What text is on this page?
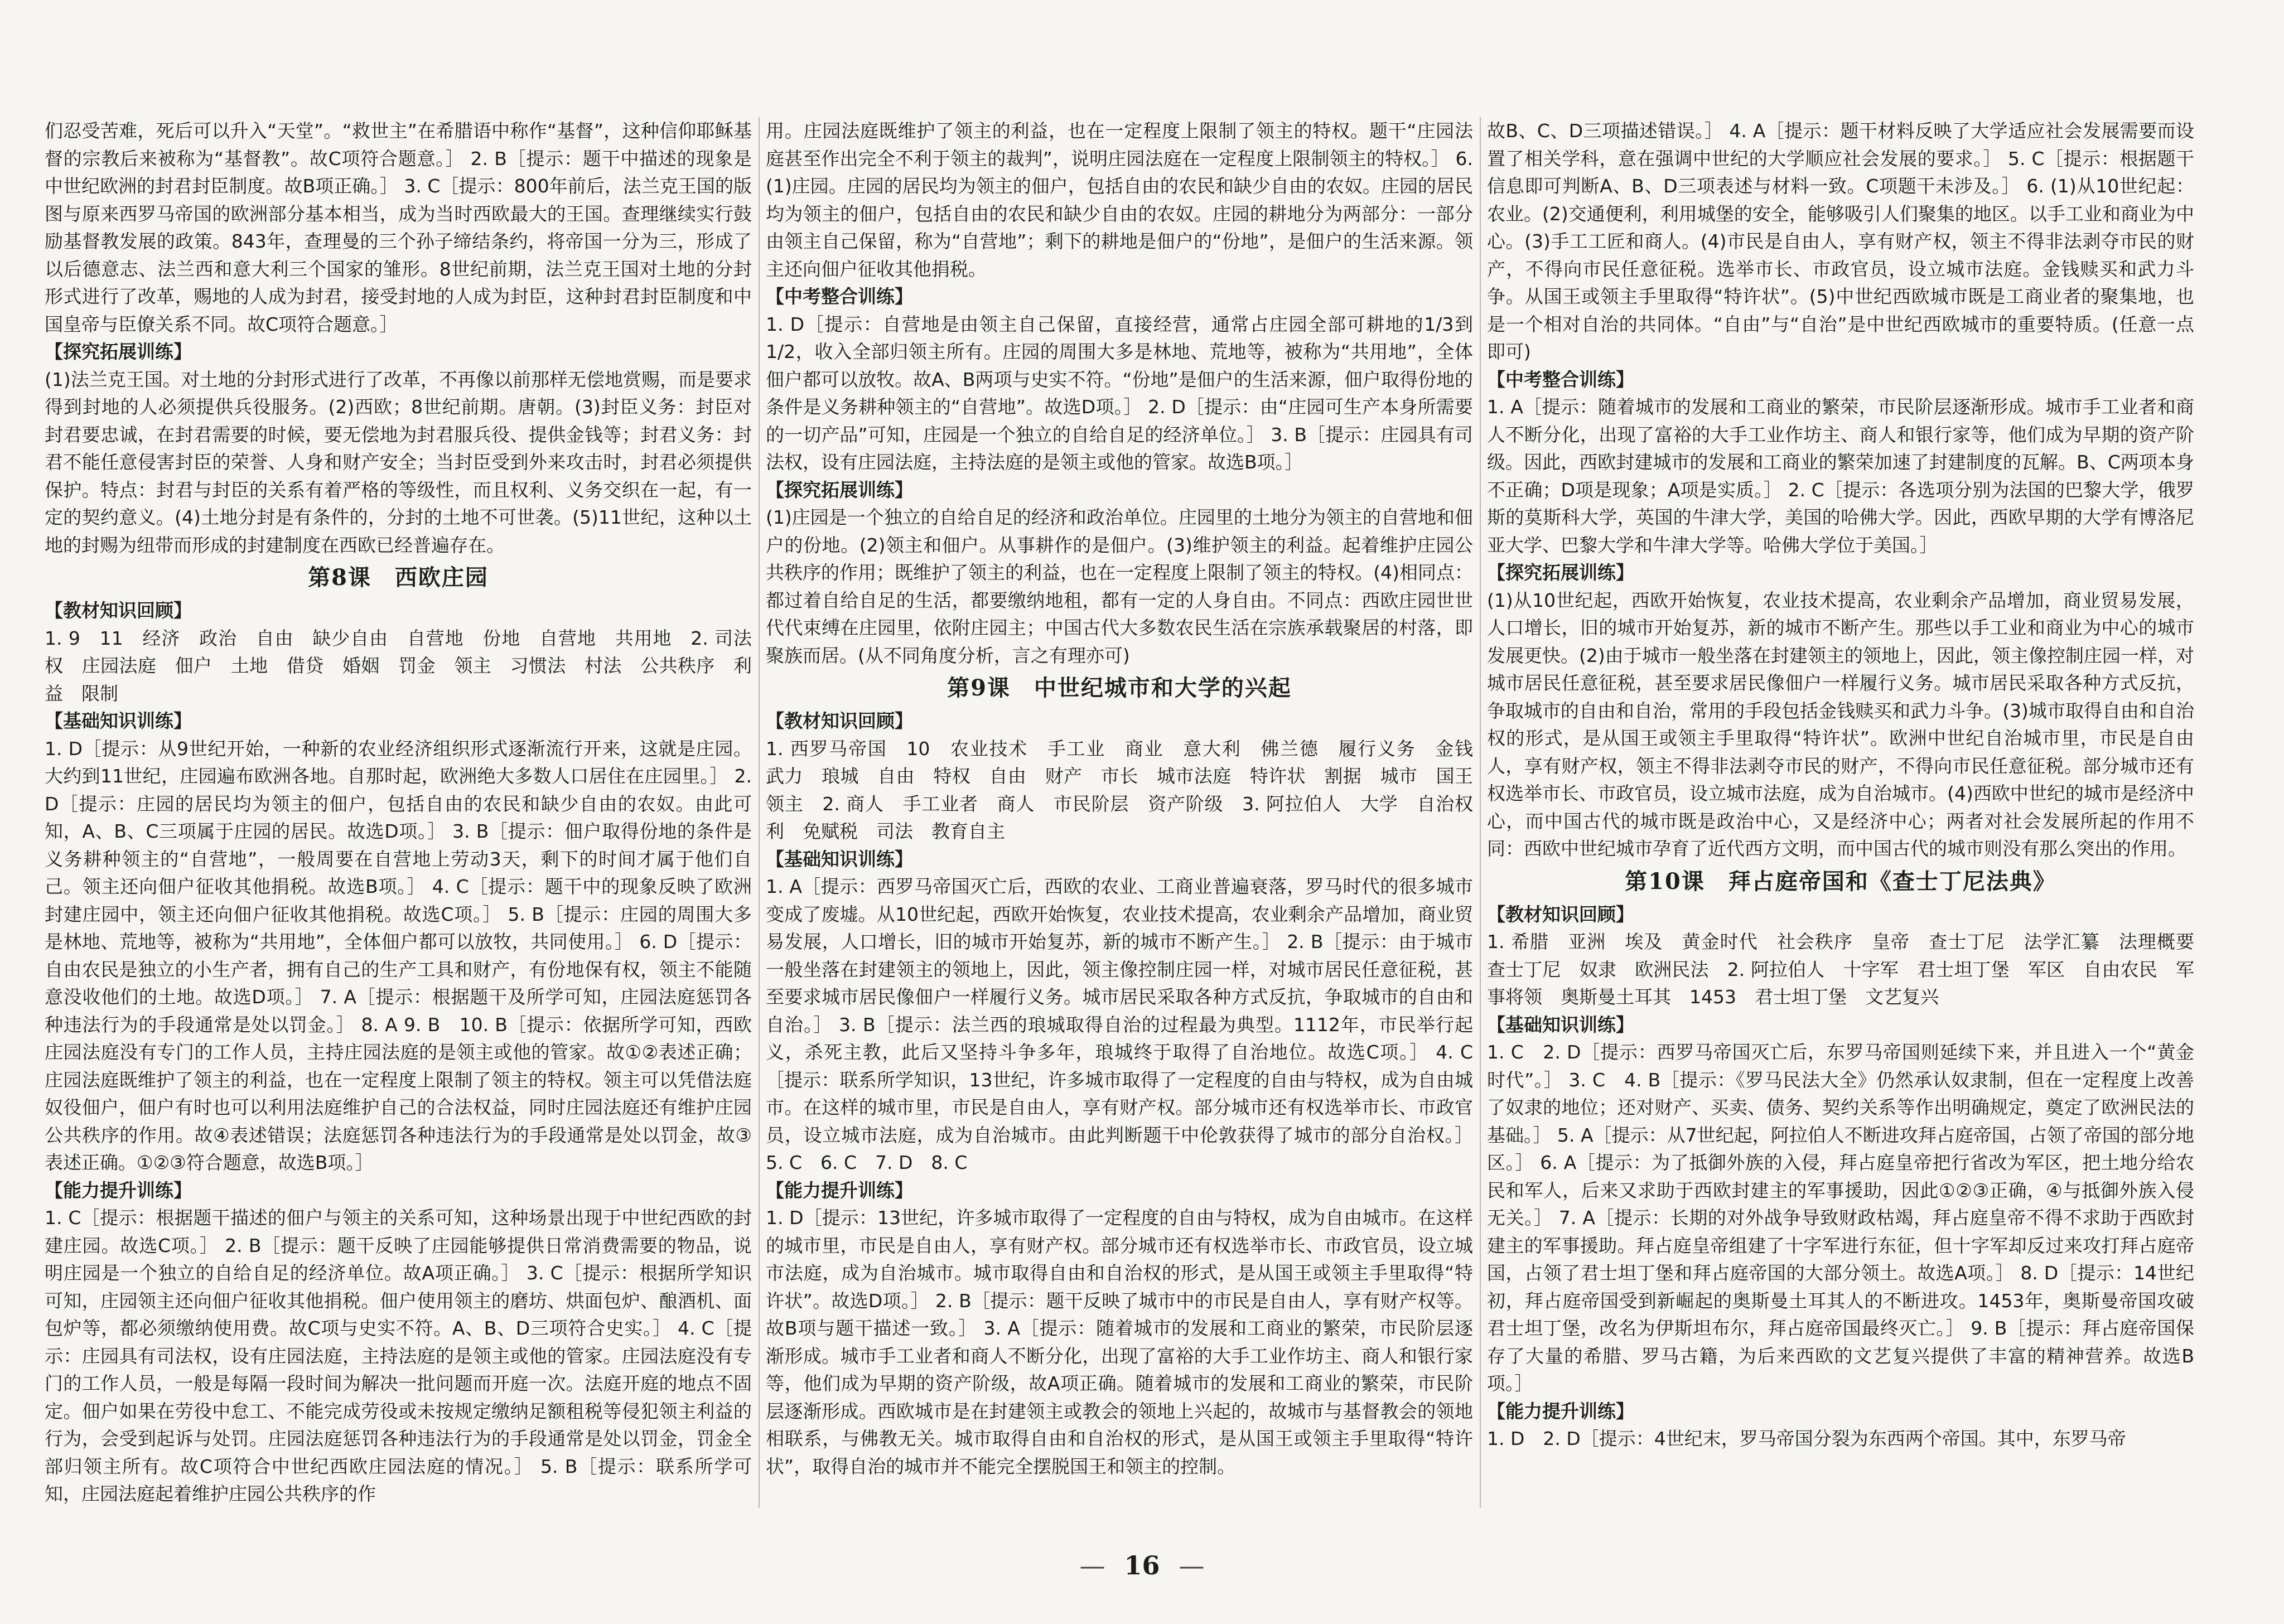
们忍受苦难，死后可以升入“天堂”。“救世主”在希腊语中称作“基督”，这种信仰耶稣基督的宗教后来被称为“基督教”。故C项符合题意。］ 2. B［提示：题干中描述的现象是中世纪欧洲的封君封臣制度。故B项正确。］ 3. C［提示：800年前后，法兰克王国的版图与原来西罗马帝国的欧洲部分基本相当，成为当时西欧最大的王国。查理继续实行鼓励基督教发展的政策。843年，查理曼的三个孙子缔结条约，将帝国一分为三，形成了以后德意志、法兰西和意大利三个国家的雏形。8世纪前期，法兰克王国对土地的分封形式进行了改革，赐地的人成为封君，接受封地的人成为封臣，这种封君封臣制度和中国皇帝与臣僚关系不同。故C项符合题意。］

【探究拓展训练】

(1)法兰克王国。对土地的分封形式进行了改革，不再像以前那样无偿地赏赐，而是要求得到封地的人必须提供兵役服务。(2)西欧；8世纪前期。唐朝。(3)封臣义务：封臣对封君要忠诚，在封君需要的时候，要无偿地为封君服兵役、提供金钱等；封君义务：封君不能任意侵害封臣的荣誉、人身和财产安全；当封臣受到外来攻击时，封君必须提供保护。特点：封君与封臣的关系有着严格的等级性，而且权利、义务交织在一起，有一定的契约意义。(4)土地分封是有条件的，分封的土地不可世袭。(5)11世纪，这种以土地的封赐为纽带而形成的封建制度在西欧已经普遍存在。

第8课　西欧庄园
【教材知识回顾】

1. 9　11　经济　政治　自由　缺少自由　自营地　份地　自营地　共用地　2. 司法权　庄园法庭　佃户　土地　借贷　婚姻　罚金　领主　习惯法　村法　公共秩序　利益　限制

【基础知识训练】

1. D［提示：从9世纪开始，一种新的农业经济组织形式逐渐流行开来，这就是庄园。大约到11世纪，庄园遍布欧洲各地。自那时起，欧洲绝大多数人口居住在庄园里。］ 2. D［提示：庄园的居民均为领主的佃户，包括自由的农民和缺少自由的农奴。由此可知，A、B、C三项属于庄园的居民。故选D项。］ 3. B［提示：佃户取得份地的条件是义务耕种领主的“自营地”，一般周要在自营地上劳动3天，剩下的时间才属于他们自己。领主还向佃户征收其他捐税。故选B项。］ 4. C［提示：题干中的现象反映了欧洲封建庄园中，领主还向佃户征收其他捐税。故选C项。］ 5. B［提示：庄园的周围大多是林地、荒地等，被称为“共用地”，全体佃户都可以放牧，共同使用。］ 6. D［提示：自由农民是独立的小生产者，拥有自己的生产工具和财产，有份地保有权，领主不能随意没收他们的土地。故选D项。］ 7. A［提示：根据题干及所学可知，庄园法庭惩罚各种违法行为的手段通常是处以罚金。］ 8. A 9. B　10. B［提示：依据所学可知，西欧庄园法庭没有专门的工作人员，主持庄园法庭的是领主或他的管家。故①②表述正确；庄园法庭既维护了领主的利益，也在一定程度上限制了领主的特权。领主可以凭借法庭奴役佃户，佃户有时也可以利用法庭维护自己的合法权益，同时庄园法庭还有维护庄园公共秩序的作用。故④表述错误；法庭惩罚各种违法行为的手段通常是处以罚金，故③表述正确。①②③符合题意，故选B项。］

【能力提升训练】

1. C［提示：根据题干描述的佃户与领主的关系可知，这种场景出现于中世纪西欧的封建庄园。故选C项。］ 2. B［提示：题干反映了庄园能够提供日常消费需要的物品，说明庄园是一个独立的自给自足的经济单位。故A项正确。］ 3. C［提示：根据所学知识可知，庄园领主还向佃户征收其他捐税。佃户使用领主的磨坊、烘面包炉、酿酒机、面包炉等，都必须缴纳使用费。故C项与史实不符。A、B、D三项符合史实。］ 4. C［提示：庄园具有司法权，设有庄园法庭，主持法庭的是领主或他的管家。庄园法庭没有专门的工作人员，一般是每隔一段时间为解决一批问题而开庭一次。法庭开庭的地点不固定。佃户如果在劳役中怠工、不能完成劳役或未按规定缴纳足额租税等侵犯领主利益的行为，会受到起诉与处罚。庄园法庭惩罚各种违法行为的手段通常是处以罚金，罚金全部归领主所有。故C项符合中世纪西欧庄园法庭的情况。］ 5. B［提示：联系所学可知，庄园法庭起着维护庄园公共秩序的作

用。庄园法庭既维护了领主的利益，也在一定程度上限制了领主的特权。题干“庄园法庭甚至作出完全不利于领主的裁判”，说明庄园法庭在一定程度上限制领主的特权。］ 6. (1)庄园。庄园的居民均为领主的佃户，包括自由的农民和缺少自由的农奴。庄园的居民均为领主的佃户，包括自由的农民和缺少自由的农奴。庄园的耕地分为两部分：一部分由领主自己保留，称为“自营地”；剩下的耕地是佃户的“份地”，是佃户的生活来源。领主还向佃户征收其他捐税。

【中考整合训练】

1. D［提示：自营地是由领主自己保留，直接经营，通常占庄园全部可耕地的1/3到1/2，收入全部归领主所有。庄园的周围大多是林地、荒地等，被称为“共用地”，全体佃户都可以放牧。故A、B两项与史实不符。“份地”是佃户的生活来源，佃户取得份地的条件是义务耕种领主的“自营地”。故选D项。］ 2. D［提示：由“庄园可生产本身所需要的一切产品”可知，庄园是一个独立的自给自足的经济单位。］ 3. B［提示：庄园具有司法权，设有庄园法庭，主持法庭的是领主或他的管家。故选B项。］

【探究拓展训练】

(1)庄园是一个独立的自给自足的经济和政治单位。庄园里的土地分为领主的自营地和佃户的份地。(2)领主和佃户。从事耕作的是佃户。(3)维护领主的利益。起着维护庄园公共秩序的作用；既维护了领主的利益，也在一定程度上限制了领主的特权。(4)相同点：都过着自给自足的生活，都要缴纳地租，都有一定的人身自由。不同点：西欧庄园世世代代束缚在庄园里，依附庄园主；中国古代大多数农民生活在宗族承载聚居的村落，即聚族而居。(从不同角度分析，言之有理亦可)

第9课　中世纪城市和大学的兴起
【教材知识回顾】

1. 西罗马帝国　10　农业技术　手工业　商业　意大利　佛兰德　履行义务　金钱　武力　琅城　自由　特权　自由　财产　市长　城市法庭　特许状　割据　城市　国王　领主　2. 商人　手工业者　商人　市民阶层　资产阶级　3. 阿拉伯人　大学　自治权利　免赋税　司法　教育自主

【基础知识训练】

1. A［提示：西罗马帝国灭亡后，西欧的农业、工商业普遍衰落，罗马时代的很多城市变成了废墟。从10世纪起，西欧开始恢复，农业技术提高，农业剩余产品增加，商业贸易发展，人口增长，旧的城市开始复苏，新的城市不断产生。］ 2. B［提示：由于城市一般坐落在封建领主的领地上，因此，领主像控制庄园一样，对城市居民任意征税，甚至要求城市居民像佃户一样履行义务。城市居民采取各种方式反抗，争取城市的自由和自治。］ 3. B［提示：法兰西的琅城取得自治的过程最为典型。1112年，市民举行起义，杀死主教，此后又坚持斗争多年，琅城终于取得了自治地位。故选C项。］ 4. C［提示：联系所学知识，13世纪，许多城市取得了一定程度的自由与特权，成为自由城市。在这样的城市里，市民是自由人，享有财产权。部分城市还有权选举市长、市政官员，设立城市法庭，成为自治城市。由此判断题干中伦敦获得了城市的部分自治权。］ 5. C　6. C　7. D　8. C

【能力提升训练】

1. D［提示：13世纪，许多城市取得了一定程度的自由与特权，成为自由城市。在这样的城市里，市民是自由人，享有财产权。部分城市还有权选举市长、市政官员，设立城市法庭，成为自治城市。城市取得自由和自治权的形式，是从国王或领主手里取得“特许状”。故选D项。］ 2. B［提示：题干反映了城市中的市民是自由人，享有财产权等。故B项与题干描述一致。］ 3. A［提示：随着城市的发展和工商业的繁荣，市民阶层逐渐形成。城市手工业者和商人不断分化，出现了富裕的大手工业作坊主、商人和银行家等，他们成为早期的资产阶级，故A项正确。随着城市的发展和工商业的繁荣，市民阶层逐渐形成。西欧城市是在封建领主或教会的领地上兴起的，故城市与基督教会的领地相联系，与佛教无关。城市取得自由和自治权的形式，是从国王或领主手里取得“特许状”，取得自治的城市并不能完全摆脱国王和领主的控制。

故B、C、D三项描述错误。］ 4. A［提示：题干材料反映了大学适应社会发展需要而设置了相关学科，意在强调中世纪的大学顺应社会发展的要求。］ 5. C［提示：根据题干信息即可判断A、B、D三项表述与材料一致。C项题干未涉及。］ 6. (1)从10世纪起：农业。(2)交通便利，利用城堡的安全，能够吸引人们聚集的地区。以手工业和商业为中心。(3)手工工匠和商人。(4)市民是自由人，享有财产权，领主不得非法剥夺市民的财产，不得向市民任意征税。选举市长、市政官员，设立城市法庭。金钱赎买和武力斗争。从国王或领主手里取得“特许状”。(5)中世纪西欧城市既是工商业者的聚集地，也是一个相对自治的共同体。“自由”与“自治”是中世纪西欧城市的重要特质。(任意一点即可)

【中考整合训练】

1. A［提示：随着城市的发展和工商业的繁荣，市民阶层逐渐形成。城市手工业者和商人不断分化，出现了富裕的大手工业作坊主、商人和银行家等，他们成为早期的资产阶级。因此，西欧封建城市的发展和工商业的繁荣加速了封建制度的瓦解。B、C两项本身不正确；D项是现象；A项是实质。］ 2. C［提示：各选项分别为法国的巴黎大学，俄罗斯的莫斯科大学，英国的牛津大学，美国的哈佛大学。因此，西欧早期的大学有博洛尼亚大学、巴黎大学和牛津大学等。哈佛大学位于美国。］

【探究拓展训练】

(1)从10世纪起，西欧开始恢复，农业技术提高，农业剩余产品增加，商业贸易发展，人口增长，旧的城市开始复苏，新的城市不断产生。那些以手工业和商业为中心的城市发展更快。(2)由于城市一般坐落在封建领主的领地上，因此，领主像控制庄园一样，对城市居民任意征税，甚至要求居民像佃户一样履行义务。城市居民采取各种方式反抗，争取城市的自由和自治，常用的手段包括金钱赎买和武力斗争。(3)城市取得自由和自治权的形式，是从国王或领主手里取得“特许状”。欧洲中世纪自治城市里，市民是自由人，享有财产权，领主不得非法剥夺市民的财产，不得向市民任意征税。部分城市还有权选举市长、市政官员，设立城市法庭，成为自治城市。(4)西欧中世纪的城市是经济中心，而中国古代的城市既是政治中心，又是经济中心；两者对社会发展所起的作用不同：西欧中世纪城市孕育了近代西方文明，而中国古代的城市则没有那么突出的作用。

第10课　拜占庭帝国和《查士丁尼法典》
【教材知识回顾】

1. 希腊　亚洲　埃及　黄金时代　社会秩序　皇帝　查士丁尼　法学汇纂　法理概要　查士丁尼　奴隶　欧洲民法　2. 阿拉伯人　十字军　君士坦丁堡　军区　自由农民　军事将领　奥斯曼土耳其　1453　君士坦丁堡　文艺复兴

【基础知识训练】

1. C　2. D［提示：西罗马帝国灭亡后，东罗马帝国则延续下来，并且进入一个“黄金时代”。］ 3. C　4. B［提示：《罗马民法大全》仍然承认奴隶制，但在一定程度上改善了奴隶的地位；还对财产、买卖、债务、契约关系等作出明确规定，奠定了欧洲民法的基础。］ 5. A［提示：从7世纪起，阿拉伯人不断进攻拜占庭帝国，占领了帝国的部分地区。］ 6. A［提示：为了抵御外族的入侵，拜占庭皇帝把行省改为军区，把土地分给农民和军人，后来又求助于西欧封建主的军事援助，因此①②③正确，④与抵御外族入侵无关。］ 7. A［提示：长期的对外战争导致财政枯竭，拜占庭皇帝不得不求助于西欧封建主的军事援助。拜占庭皇帝组建了十字军进行东征，但十字军却反过来攻打拜占庭帝国，占领了君士坦丁堡和拜占庭帝国的大部分领土。故选A项。］ 8. D［提示：14世纪初，拜占庭帝国受到新崛起的奥斯曼土耳其人的不断进攻。1453年，奥斯曼帝国攻破君士坦丁堡，改名为伊斯坦布尔，拜占庭帝国最终灭亡。］ 9. B［提示：拜占庭帝国保存了大量的希腊、罗马古籍，为后来西欧的文艺复兴提供了丰富的精神营养。故选B项。］

【能力提升训练】

1. D　2. D［提示：4世纪末，罗马帝国分裂为东西两个帝国。其中，东罗马帝

— 16 —
